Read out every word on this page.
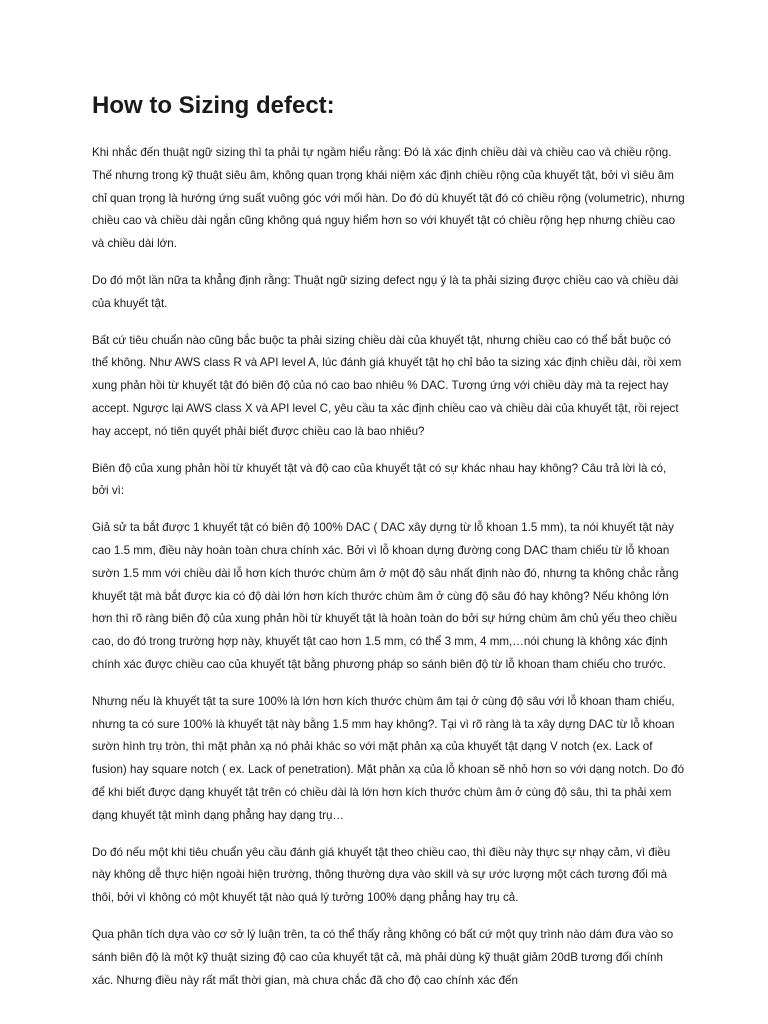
How to Sizing defect:

Khi nhắc đến thuật ngữ sizing thì ta phải tự ngầm hiểu rằng: Đó là xác định chiều dài và chiều cao và chiều rộng. Thế nhưng trong kỹ thuật siêu âm, không quan trọng khái niệm xác định chiều rộng của khuyết tật, bởi vì siêu âm chỉ quan trọng là hướng ứng suất vuông góc với mối hàn. Do đó dù khuyết tật đó có chiều rộng (volumetric), nhưng chiều cao và chiều dài ngắn cũng không quá nguy hiểm hơn so với khuyết tật có chiều rộng hẹp nhưng chiều cao và chiều dài lớn.

Do đó một lần nữa ta khẳng định rằng: Thuật ngữ sizing defect ngụ ý là ta phải sizing được chiều cao và chiều dài của khuyết tật.

Bất cứ tiêu chuẩn nào cũng bắc buộc ta phải sizing chiều dài của khuyết tật, nhưng chiều cao có thể bắt buộc có thể không. Như AWS class R và API level A, lúc đánh giá khuyết tật họ chỉ bảo ta sizing xác định chiều dài, rồi xem xung phản hồi từ khuyết tật đó biên độ của nó cao bao nhiêu % DAC. Tương ứng với chiều dày mà ta reject hay accept. Ngược lại AWS class X và API level C, yêu cầu ta xác định chiều cao và chiều dài của khuyết tật, rồi reject hay accept, nó tiên quyết phải biết được chiều cao là bao nhiêu?

Biên độ của xung phản hồi từ khuyết tật và độ cao của khuyết tật có sự khác nhau hay không? Câu trả lời là có, bởi vì:

Giả sử ta bắt được 1 khuyết tật có biên độ 100% DAC ( DAC xây dựng từ lỗ khoan 1.5 mm), ta nói khuyết tật này cao 1.5 mm, điều này hoàn toàn chưa chính xác. Bởi vì lỗ khoan dựng đường cong DAC tham chiếu từ lỗ khoan sườn 1.5 mm với chiều dài lỗ hơn kích thước chùm âm ở một độ sâu nhất định nào đó, nhưng ta không chắc rằng khuyết tật mà bắt được kia có độ dài lớn hơn kích thước chùm âm ở cùng độ sâu đó hay không? Nếu không lớn hơn thì rõ ràng biên độ của xung phản hồi từ khuyết tật là hoàn toàn do bởi sự hứng chùm âm chủ yếu theo chiều cao, do đó trong trường hợp này, khuyết tật cao hơn 1.5 mm, có thể 3 mm, 4 mm,…nói chung là không xác định chính xác được chiều cao của khuyết tật bằng phương pháp so sánh biên độ từ lỗ khoan tham chiếu cho trước.

Nhưng nếu là khuyết tật ta sure 100% là lớn hơn kích thước chùm âm tại ở cùng độ sâu với lỗ khoan tham chiếu, nhưng ta có sure 100% là khuyết tật này bằng 1.5 mm hay không?. Tại vì rõ ràng là ta xây dựng DAC từ lỗ khoan sườn hình trụ tròn, thì mặt phản xạ nó phải khác so với mặt phản xạ của khuyết tật dạng V notch (ex. Lack of fusion) hay square notch ( ex. Lack of penetration). Mặt phản xạ của lỗ khoan sẽ nhỏ hơn so với dạng notch. Do đó để khi biết được dạng khuyết tật trên có chiều dài là lớn hơn kích thước chùm âm ở cùng độ sâu, thì ta phải xem dạng khuyết tật mình dạng phẳng hay dạng trụ…

Do đó nếu một khi tiêu chuẩn yêu cầu đánh giá khuyết tật theo chiều cao, thì điều này thực sự nhạy cảm, vì điều này không dễ thực hiện ngoài hiện trường, thông thường dựa vào skill và sự ước lượng một cách tương đối mà thôi, bởi vì không có một khuyết tật nào quá lý tưởng 100% dạng phẳng hay trụ cả.

Qua phân tích dựa vào cơ sở lý luận trên, ta có thể thấy rằng không có bất cứ một quy trình nào dám đưa vào so sánh biên độ là một kỹ thuật sizing độ cao của khuyết tật cả, mà phải dùng kỹ thuật giảm 20dB tương đối chính xác. Nhưng điều này rất mất thời gian, mà chưa chắc đã cho độ cao chính xác đến
